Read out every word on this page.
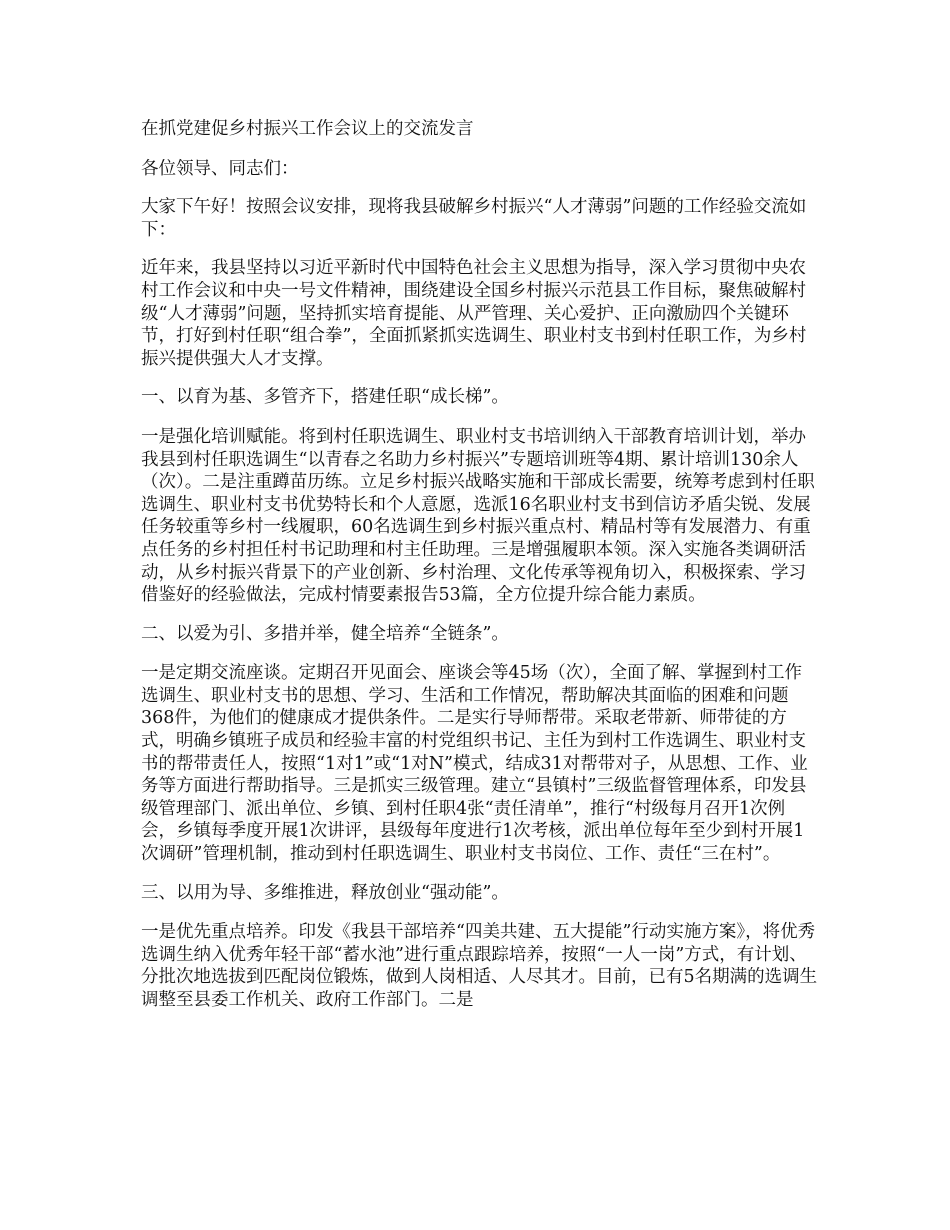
在抓党建促乡村振兴工作会议上的交流发言

各位领导、同志们：

大家下午好！按照会议安排，现将我县破解乡村振兴“人才薄弱”问题的工作经验交流如下：

近年来，我县坚持以习近平新时代中国特色社会主义思想为指导，深入学习贯彻中央农村工作会议和中央一号文件精神，围绕建设全国乡村振兴示范县工作目标，聚焦破解村级“人才薄弱”问题，坚持抓实培育提能、从严管理、关心爱护、正向激励四个关键环节，打好到村任职“组合拳”，全面抓紧抓实选调生、职业村支书到村任职工作，为乡村振兴提供强大人才支撑。

一、以育为基、多管齐下，搭建任职“成长梯”。

一是强化培训赋能。将到村任职选调生、职业村支书培训纳入干部教育培训计划，举办我县到村任职选调生“以青春之名助力乡村振兴”专题培训班等4期、累计培训130余人（次）。二是注重蹲苗历练。立足乡村振兴战略实施和干部成长需要，统筹考虑到村任职选调生、职业村支书优势特长和个人意愿，选派16名职业村支书到信访矛盾尖锐、发展任务较重等乡村一线履职，60名选调生到乡村振兴重点村、精品村等有发展潜力、有重点任务的乡村担任村书记助理和村主任助理。三是增强履职本领。深入实施各类调研活动，从乡村振兴背景下的产业创新、乡村治理、文化传承等视角切入，积极探索、学习借鉴好的经验做法，完成村情要素报告53篇，全方位提升综合能力素质。

二、以爱为引、多措并举，健全培养“全链条”。

一是定期交流座谈。定期召开见面会、座谈会等45场（次），全面了解、掌握到村工作选调生、职业村支书的思想、学习、生活和工作情况，帮助解决其面临的困难和问题368件，为他们的健康成才提供条件。二是实行导师帮带。采取老带新、师带徒的方式，明确乡镇班子成员和经验丰富的村党组织书记、主任为到村工作选调生、职业村支书的帮带责任人，按照“1对1”或“1对N”模式，结成31对帮带对子，从思想、工作、业务等方面进行帮助指导。三是抓实三级管理。建立“县镇村”三级监督管理体系，印发县级管理部门、派出单位、乡镇、到村任职4张“责任清单”，推行“村级每月召开1次例会，乡镇每季度开展1次讲评，县级每年度进行1次考核，派出单位每年至少到村开展1次调研”管理机制，推动到村任职选调生、职业村支书岗位、工作、责任“三在村”。

三、以用为导、多维推进，释放创业“强动能”。

一是优先重点培养。印发《我县干部培养“四美共建、五大提能”行动实施方案》，将优秀选调生纳入优秀年轻干部“蓄水池”进行重点跟踪培养，按照“一人一岗”方式，有计划、分批次地选拔到匹配岗位锻炼，做到人岗相适、人尽其才。目前，已有5名期满的选调生调整至县委工作机关、政府工作部门。二是
